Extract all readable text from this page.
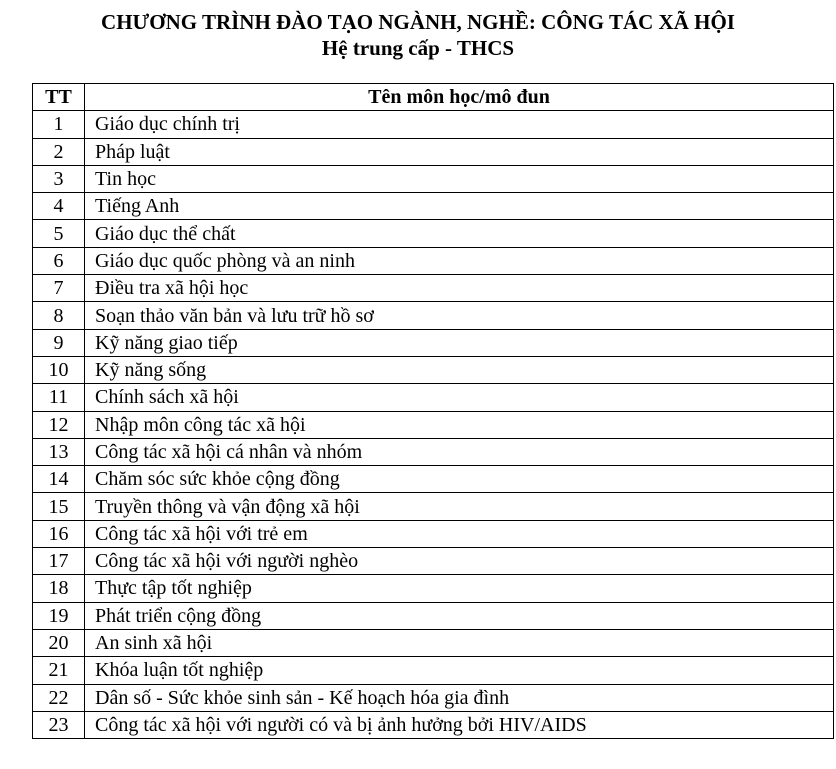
CHƯƠNG TRÌNH ĐÀO TẠO NGÀNH, NGHỀ: CÔNG TÁC XÃ HỘI
Hệ trung cấp - THCS
TT	Tên môn học/mô đun
1	Giáo dục chính trị
2	Pháp luật
3	Tin học
4	Tiếng Anh
5	Giáo dục thể chất
6	Giáo dục quốc phòng và an ninh
7	Điều tra xã hội học
8	Soạn thảo văn bản và lưu trữ hồ sơ
9	Kỹ năng giao tiếp
10	Kỹ năng sống
11	Chính sách xã hội
12	Nhập môn công tác xã hội
13	Công tác xã hội cá nhân và nhóm
14	Chăm sóc sức khỏe cộng đồng
15	Truyền thông và vận động xã hội
16	Công tác xã hội với trẻ em
17	Công tác xã hội với người nghèo
18	Thực tập tốt nghiệp
19	Phát triển cộng đồng
20	An sinh xã hội
21	Khóa luận tốt nghiệp
22	Dân số - Sức khỏe sinh sản - Kế hoạch hóa gia đình
23	Công tác xã hội với người có và bị ảnh hưởng bởi HIV/AIDS
